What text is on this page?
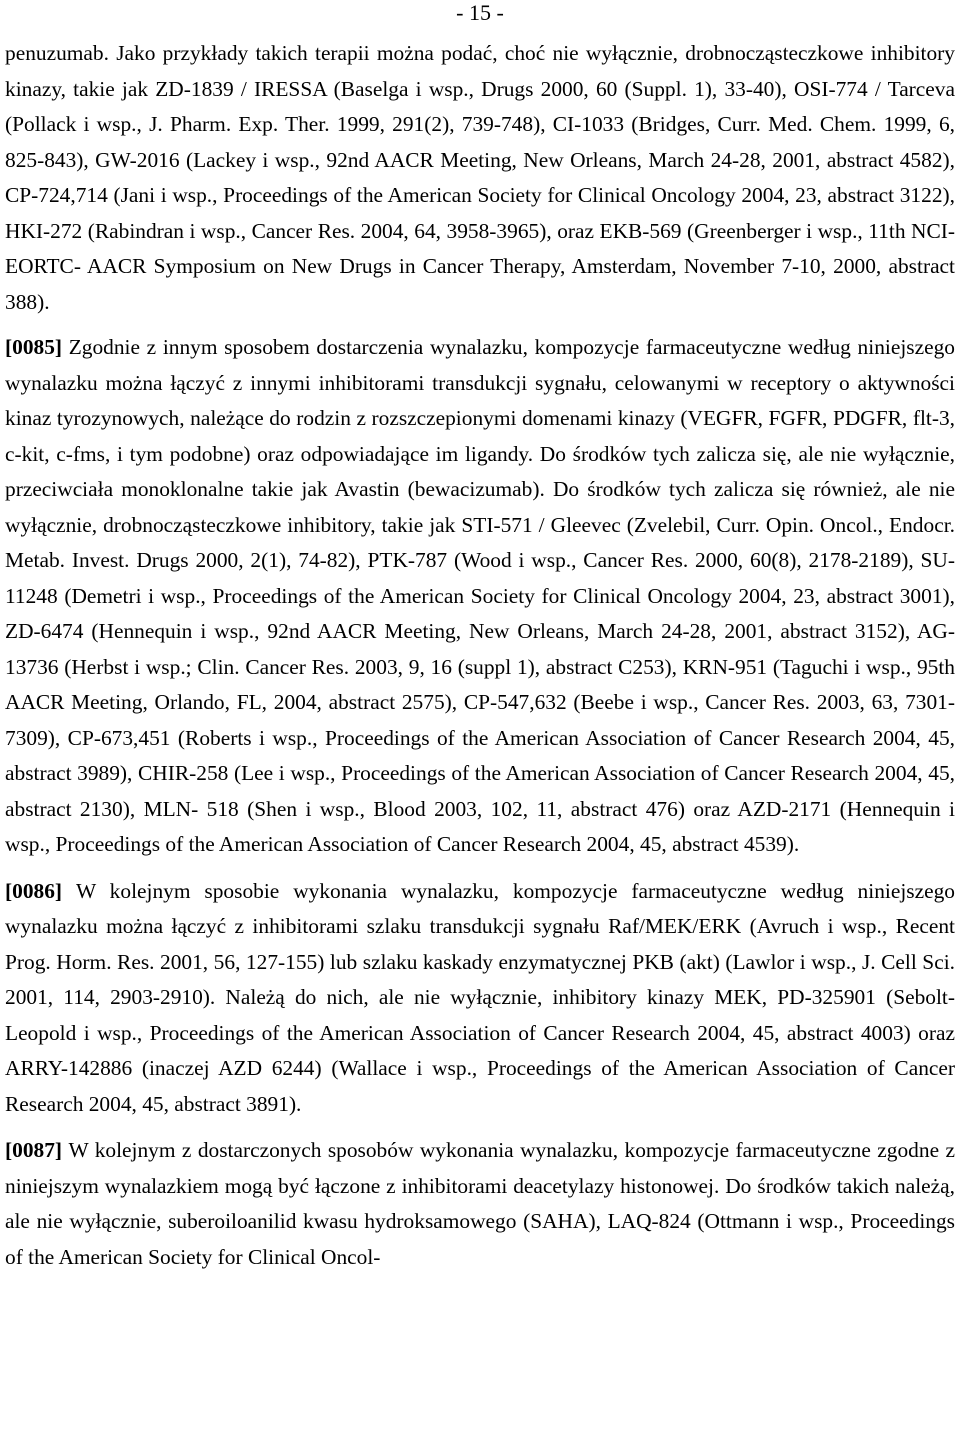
- 15 -

penuzumab. Jako przykłady takich terapii można podać, choć nie wyłącznie, drobnocząsteczkowe inhibitory kinazy, takie jak ZD-1839 / IRESSA (Baselga i wsp., Drugs 2000, 60 (Suppl. 1), 33-40), OSI-774 / Tarceva (Pollack i wsp., J. Pharm. Exp. Ther. 1999, 291(2), 739-748), CI-1033 (Bridges, Curr. Med. Chem. 1999, 6, 825-843), GW-2016 (Lackey i wsp., 92nd AACR Meeting, New Orleans, March 24-28, 2001, abstract 4582), CP-724,714 (Jani i wsp., Proceedings of the American Society for Clinical Oncology 2004, 23, abstract 3122), HKI-272 (Rabindran i wsp., Cancer Res. 2004, 64, 3958-3965), oraz EKB-569 (Greenberger i wsp., 11th NCI-EORTC- AACR Symposium on New Drugs in Cancer Therapy, Amsterdam, November 7-10, 2000, abstract 388).

[0085] Zgodnie z innym sposobem dostarczenia wynalazku, kompozycje farmaceutyczne według niniejszego wynalazku można łączyć z innymi inhibitorami transdukcji sygnału, celowanymi w receptory o aktywności kinaz tyrozynowych, należące do rodzin z rozszczepionymi domenami kinazy (VEGFR, FGFR, PDGFR, flt-3, c-kit, c-fms, i tym podobne) oraz odpowiadające im ligandy. Do środków tych zalicza się, ale nie wyłącznie, przeciwciała monoklonalne takie jak Avastin (bewacizumab). Do środków tych zalicza się również, ale nie wyłącznie, drobnocząsteczkowe inhibitory, takie jak STI-571 / Gleevec (Zvelebil, Curr. Opin. Oncol., Endocr. Metab. Invest. Drugs 2000, 2(1), 74-82), PTK-787 (Wood i wsp., Cancer Res. 2000, 60(8), 2178-2189), SU-11248 (Demetri i wsp., Proceedings of the American Society for Clinical Oncology 2004, 23, abstract 3001), ZD-6474 (Hennequin i wsp., 92nd AACR Meeting, New Orleans, March 24-28, 2001, abstract 3152), AG-13736 (Herbst i wsp.; Clin. Cancer Res. 2003, 9, 16 (suppl 1), abstract C253), KRN-951 (Taguchi i wsp., 95th AACR Meeting, Orlando, FL, 2004, abstract 2575), CP-547,632 (Beebe i wsp., Cancer Res. 2003, 63, 7301-7309), CP-673,451 (Roberts i wsp., Proceedings of the American Association of Cancer Research 2004, 45, abstract 3989), CHIR-258 (Lee i wsp., Proceedings of the American Association of Cancer Research 2004, 45, abstract 2130), MLN- 518 (Shen i wsp., Blood 2003, 102, 11, abstract 476) oraz AZD-2171 (Hennequin i wsp., Proceedings of the American Association of Cancer Research 2004, 45, abstract 4539).

[0086] W kolejnym sposobie wykonania wynalazku, kompozycje farmaceutyczne według niniejszego wynalazku można łączyć z inhibitorami szlaku transdukcji sygnału Raf/MEK/ERK (Avruch i wsp., Recent Prog. Horm. Res. 2001, 56, 127-155) lub szlaku kaskady enzymatycznej PKB (akt) (Lawlor i wsp., J. Cell Sci. 2001, 114, 2903-2910). Należą do nich, ale nie wyłącznie, inhibitory kinazy MEK, PD-325901 (Sebolt-Leopold i wsp., Proceedings of the American Association of Cancer Research 2004, 45, abstract 4003) oraz ARRY-142886 (inaczej AZD 6244) (Wallace i wsp., Proceedings of the American Association of Cancer Research 2004, 45, abstract 3891).

[0087] W kolejnym z dostarczonych sposobów wykonania wynalazku, kompozycje farmaceutyczne zgodne z niniejszym wynalazkiem mogą być łączone z inhibitorami deacetylazy histonowej. Do środków takich należą, ale nie wyłącznie, suberoiloanilid kwasu hydroksamowego (SAHA), LAQ-824 (Ottmann i wsp., Proceedings of the American Society for Clinical Oncol-
